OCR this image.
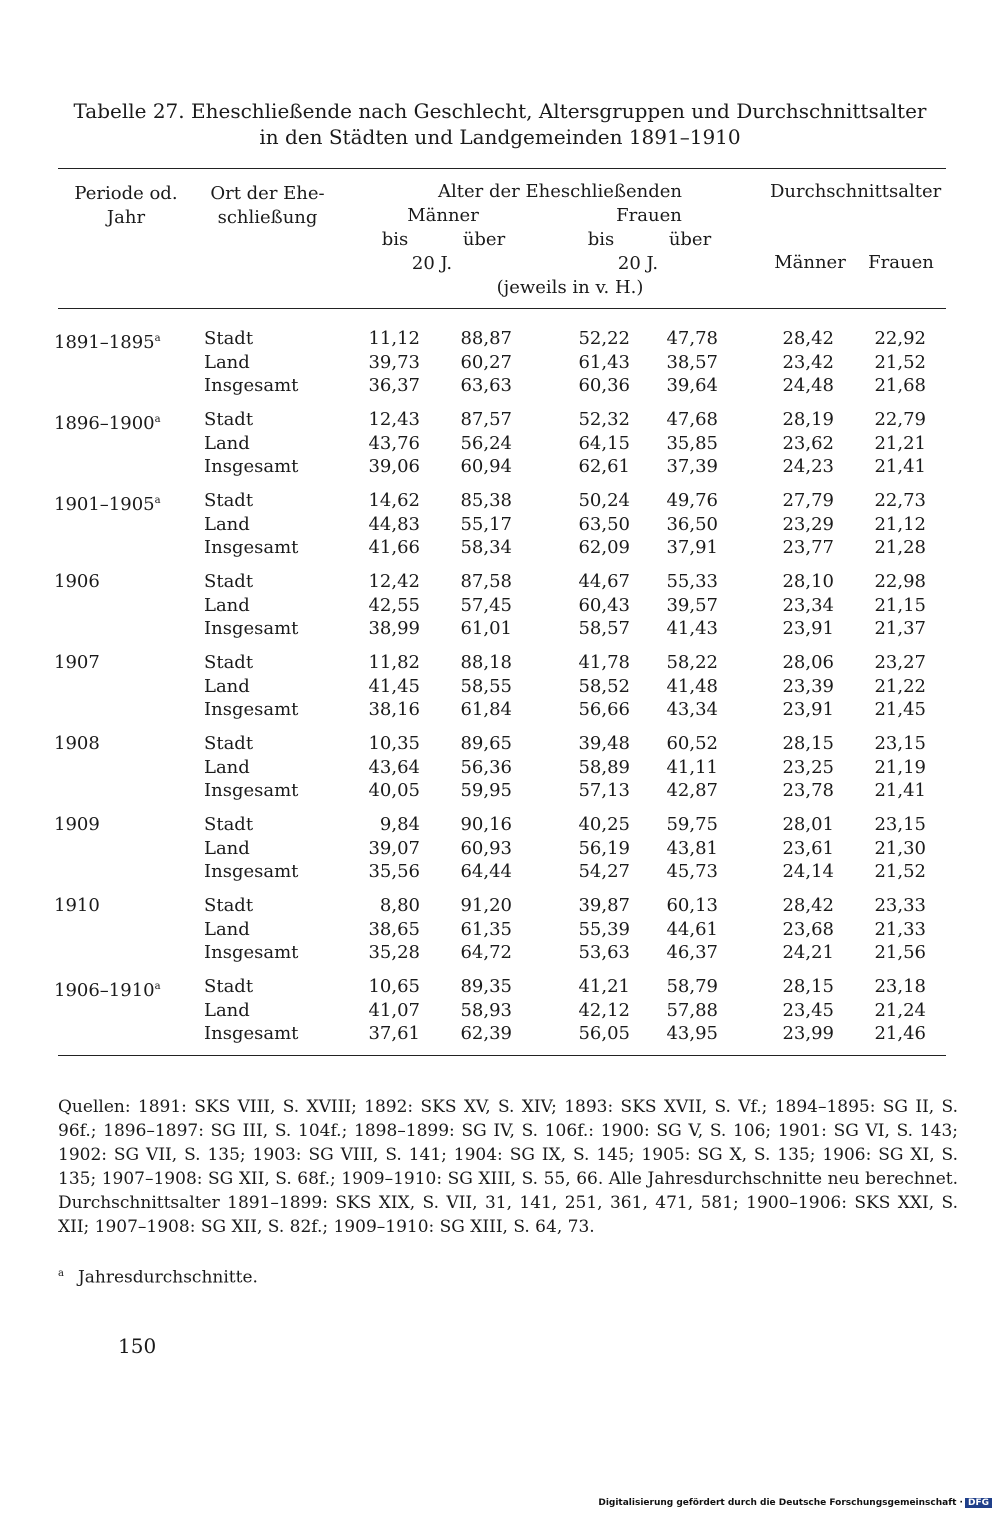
Tabelle 27. Eheschließende nach Geschlecht, Altersgruppen und Durchschnittsalter
in den Städten und Landgemeinden 1891–1910
Periode od.
Jahr
Ort der Ehe-
schließung
Alter der Eheschließenden
Männer	Frauen
bis	über	bis	über
20 J.	20 J.
(jeweils in v. H.)
Durchschnittsalter
Männer	Frauen
1891–1895$^a$ Stadt	11,12	88,87	52,22	47,78	28,42	22,92
Land	39,73	60,27	61,43	38,57	23,42	21,52
Insgesamt	36,37	63,63	60,36	39,64	24,48	21,68
1896–1900$^a$ Stadt	12,43	87,57	52,32	47,68	28,19	22,79
Land	43,76	56,24	64,15	35,85	23,62	21,21
Insgesamt	39,06	60,94	62,61	37,39	24,23	21,41
1901–1905$^a$ Stadt	14,62	85,38	50,24	49,76	27,79	22,73
Land	44,83	55,17	63,50	36,50	23,29	21,12
Insgesamt	41,66	58,34	62,09	37,91	23,77	21,28
1906	Stadt	12,42	87,58	44,67	55,33	28,10	22,98
Land	42,55	57,45	60,43	39,57	23,34	21,15
Insgesamt	38,99	61,01	58,57	41,43	23,91	21,37
1907	Stadt	11,82	88,18	41,78	58,22	28,06	23,27
Land	41,45	58,55	58,52	41,48	23,39	21,22
Insgesamt	38,16	61,84	56,66	43,34	23,91	21,45
1908	Stadt	10,35	89,65	39,48	60,52	28,15	23,15
Land	43,64	56,36	58,89	41,11	23,25	21,19
Insgesamt	40,05	59,95	57,13	42,87	23,78	21,41
1909	Stadt	9,84	90,16	40,25	59,75	28,01	23,15
Land	39,07	60,93	56,19	43,81	23,61	21,30
Insgesamt	35,56	64,44	54,27	45,73	24,14	21,52
1910	Stadt	8,80	91,20	39,87	60,13	28,42	23,33
Land	38,65	61,35	55,39	44,61	23,68	21,33
Insgesamt	35,28	64,72	53,63	46,37	24,21	21,56
1906–1910$^a$ Stadt	10,65	89,35	41,21	58,79	28,15	23,18
Land	41,07	58,93	42,12	57,88	23,45	21,24
Insgesamt	37,61	62,39	56,05	43,95	23,99	21,46
Quellen: 1891: SKS VIII, S. XVIII; 1892: SKS XV, S. XIV; 1893: SKS XVII, S. Vf.; 1894–1895: SG II, S. 96f.; 1896–1897: SG III, S. 104f.; 1898–1899: SG IV, S. 106f.: 1900: SG V, S. 106; 1901: SG VI, S. 143; 1902: SG VII, S. 135; 1903: SG VIII, S. 141; 1904: SG IX, S. 145; 1905: SG X, S. 135; 1906: SG XI, S. 135; 1907–1908: SG XII, S. 68f.; 1909–1910: SG XIII, S. 55, 66. Alle Jahresdurchschnitte neu berechnet. Durchschnittsalter 1891–1899: SKS XIX, S. VII, 31, 141, 251, 361, 471, 581; 1900–1906: SKS XXI, S. XII; 1907–1908: SG XII, S. 82f.; 1909–1910: SG XIII, S. 64, 73.
$^a$ Jahresdurchschnitte.
150
Digitalisierung gefördert durch die Deutsche Forschungsgemeinschaft · DFG
